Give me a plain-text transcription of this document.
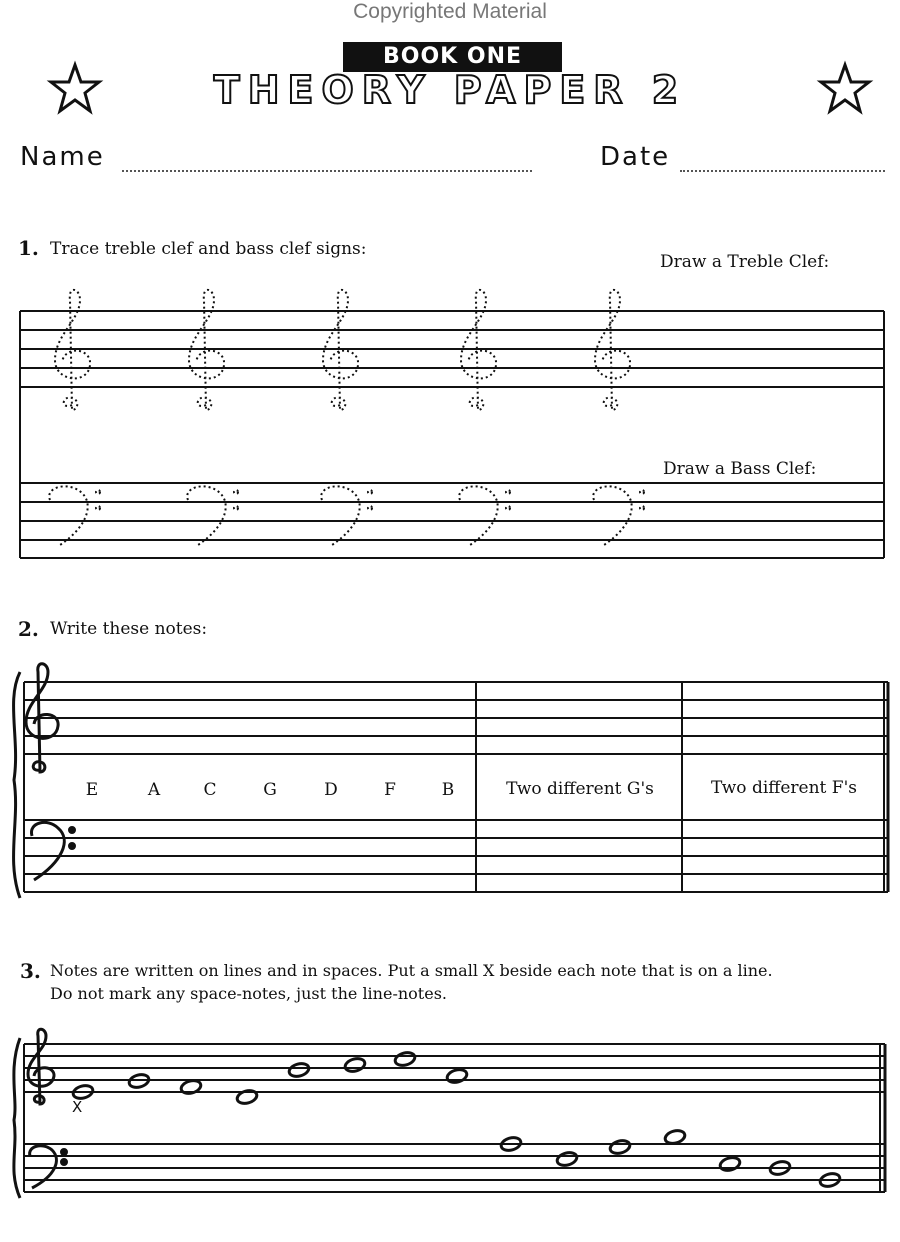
Copyrighted Material
BOOK ONE
THEORY PAPER 2
Name	Date
1. Trace treble clef and bass clef signs:
Draw a Treble Clef:
Draw a Bass Clef:
2. Write these notes:
E	A	C	G	D	F	B	Two different G's	Two different F's
3. Notes are written on lines and in spaces. Put a small X beside each note that is on a line.
Do not mark any space-notes, just the line-notes.
X
